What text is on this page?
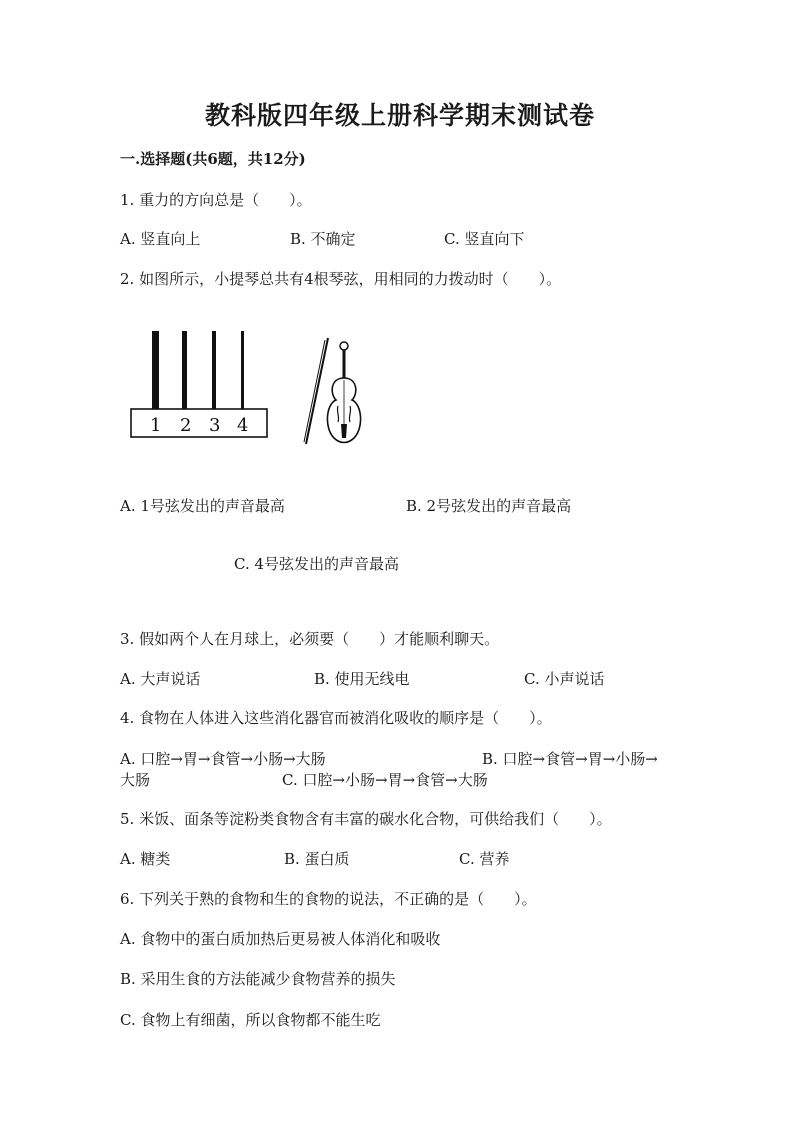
教科版四年级上册科学期末测试卷
一.选择题(共6题，共12分)
1. 重力的方向总是（　　）。
A. 竖直向上	B. 不确定	C. 竖直向下
2. 如图所示，小提琴总共有4根琴弦，用相同的力拨动时（　　）。
1 2 3 4
A. 1号弦发出的声音最高	B. 2号弦发出的声音最高
C. 4号弦发出的声音最高
3. 假如两个人在月球上，必须要（　　）才能顺利聊天。
A. 大声说话	B. 使用无线电	C. 小声说话
4. 食物在人体进入这些消化器官而被消化吸收的顺序是（　　）。
A. 口腔→胃→食管→小肠→大肠	B. 口腔→食管→胃→小肠→
大肠	C. 口腔→小肠→胃→食管→大肠
5. 米饭、面条等淀粉类食物含有丰富的碳水化合物，可供给我们（　　）。
A. 糖类	B. 蛋白质	C. 营养
6. 下列关于熟的食物和生的食物的说法，不正确的是（　　）。
A. 食物中的蛋白质加热后更易被人体消化和吸收
B. 采用生食的方法能减少食物营养的损失
C. 食物上有细菌，所以食物都不能生吃
